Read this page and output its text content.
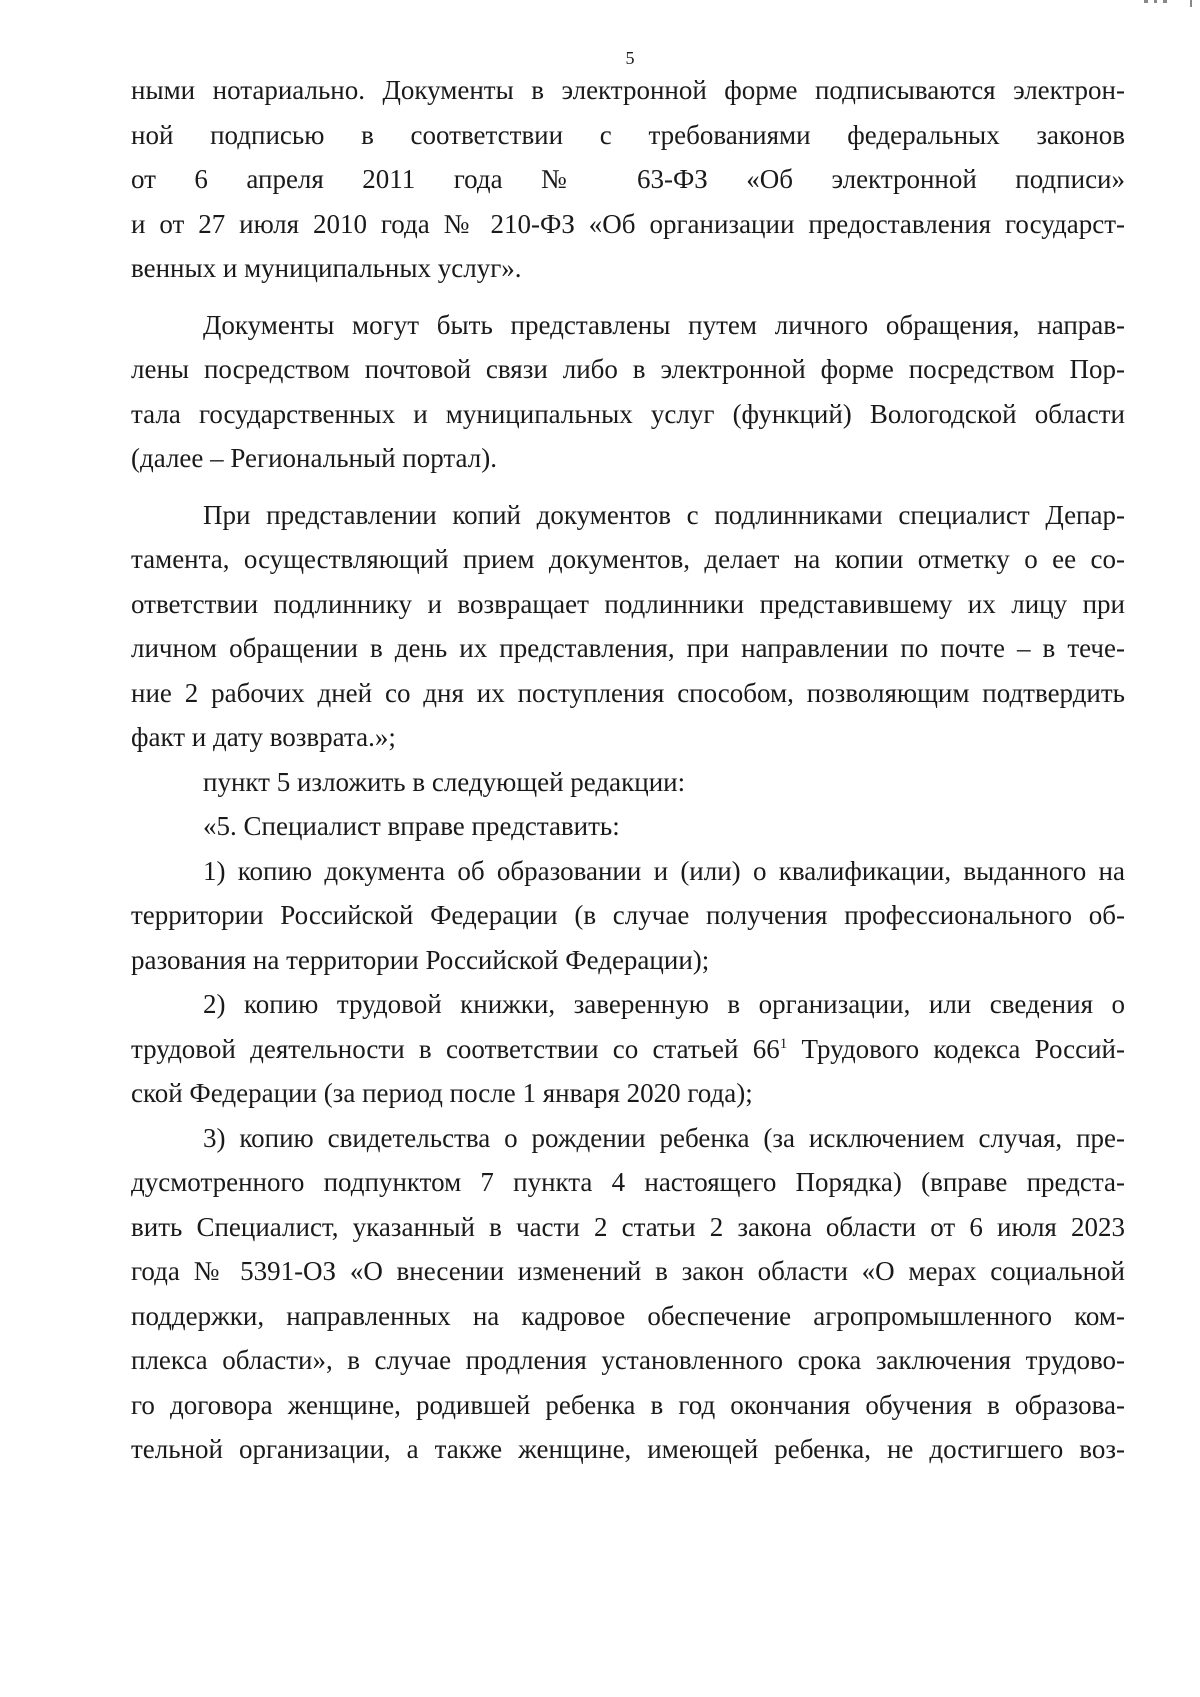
5
ными нотариально. Документы в электронной форме подписываются электрон-
ной подписью в соответствии с требованиями федеральных законов
от 6 апреля 2011 года № 63-ФЗ «Об электронной подписи»
и от 27 июля 2010 года № 210-ФЗ «Об организации предоставления государст-
венных и муниципальных услуг».
Документы могут быть представлены путем личного обращения, направ-
лены посредством почтовой связи либо в электронной форме посредством Пор-
тала государственных и муниципальных услуг (функций) Вологодской области
(далее – Региональный портал).
При представлении копий документов с подлинниками специалист Депар-
тамента, осуществляющий прием документов, делает на копии отметку о ее со-
ответствии подлиннику и возвращает подлинники представившему их лицу при
личном обращении в день их представления, при направлении по почте – в тече-
ние 2 рабочих дней со дня их поступления способом, позволяющим подтвердить
факт и дату возврата.»;
пункт 5 изложить в следующей редакции:
«5. Специалист вправе представить:
1) копию документа об образовании и (или) о квалификации, выданного на
территории Российской Федерации (в случае получения профессионального об-
разования на территории Российской Федерации);
2) копию трудовой книжки, заверенную в организации, или сведения о
трудовой деятельности в соответствии со статьей $66^1$ Трудового кодекса Россий-
ской Федерации (за период после 1 января 2020 года);
3) копию свидетельства о рождении ребенка (за исключением случая, пре-
дусмотренного подпунктом 7 пункта 4 настоящего Порядка) (вправе предста-
вить Специалист, указанный в части 2 статьи 2 закона области от 6 июля 2023
года № 5391-ОЗ «О внесении изменений в закон области «О мерах социальной
поддержки, направленных на кадровое обеспечение агропромышленного ком-
плекса области», в случае продления установленного срока заключения трудово-
го договора женщине, родившей ребенка в год окончания обучения в образова-
тельной организации, а также женщине, имеющей ребенка, не достигшего воз-
